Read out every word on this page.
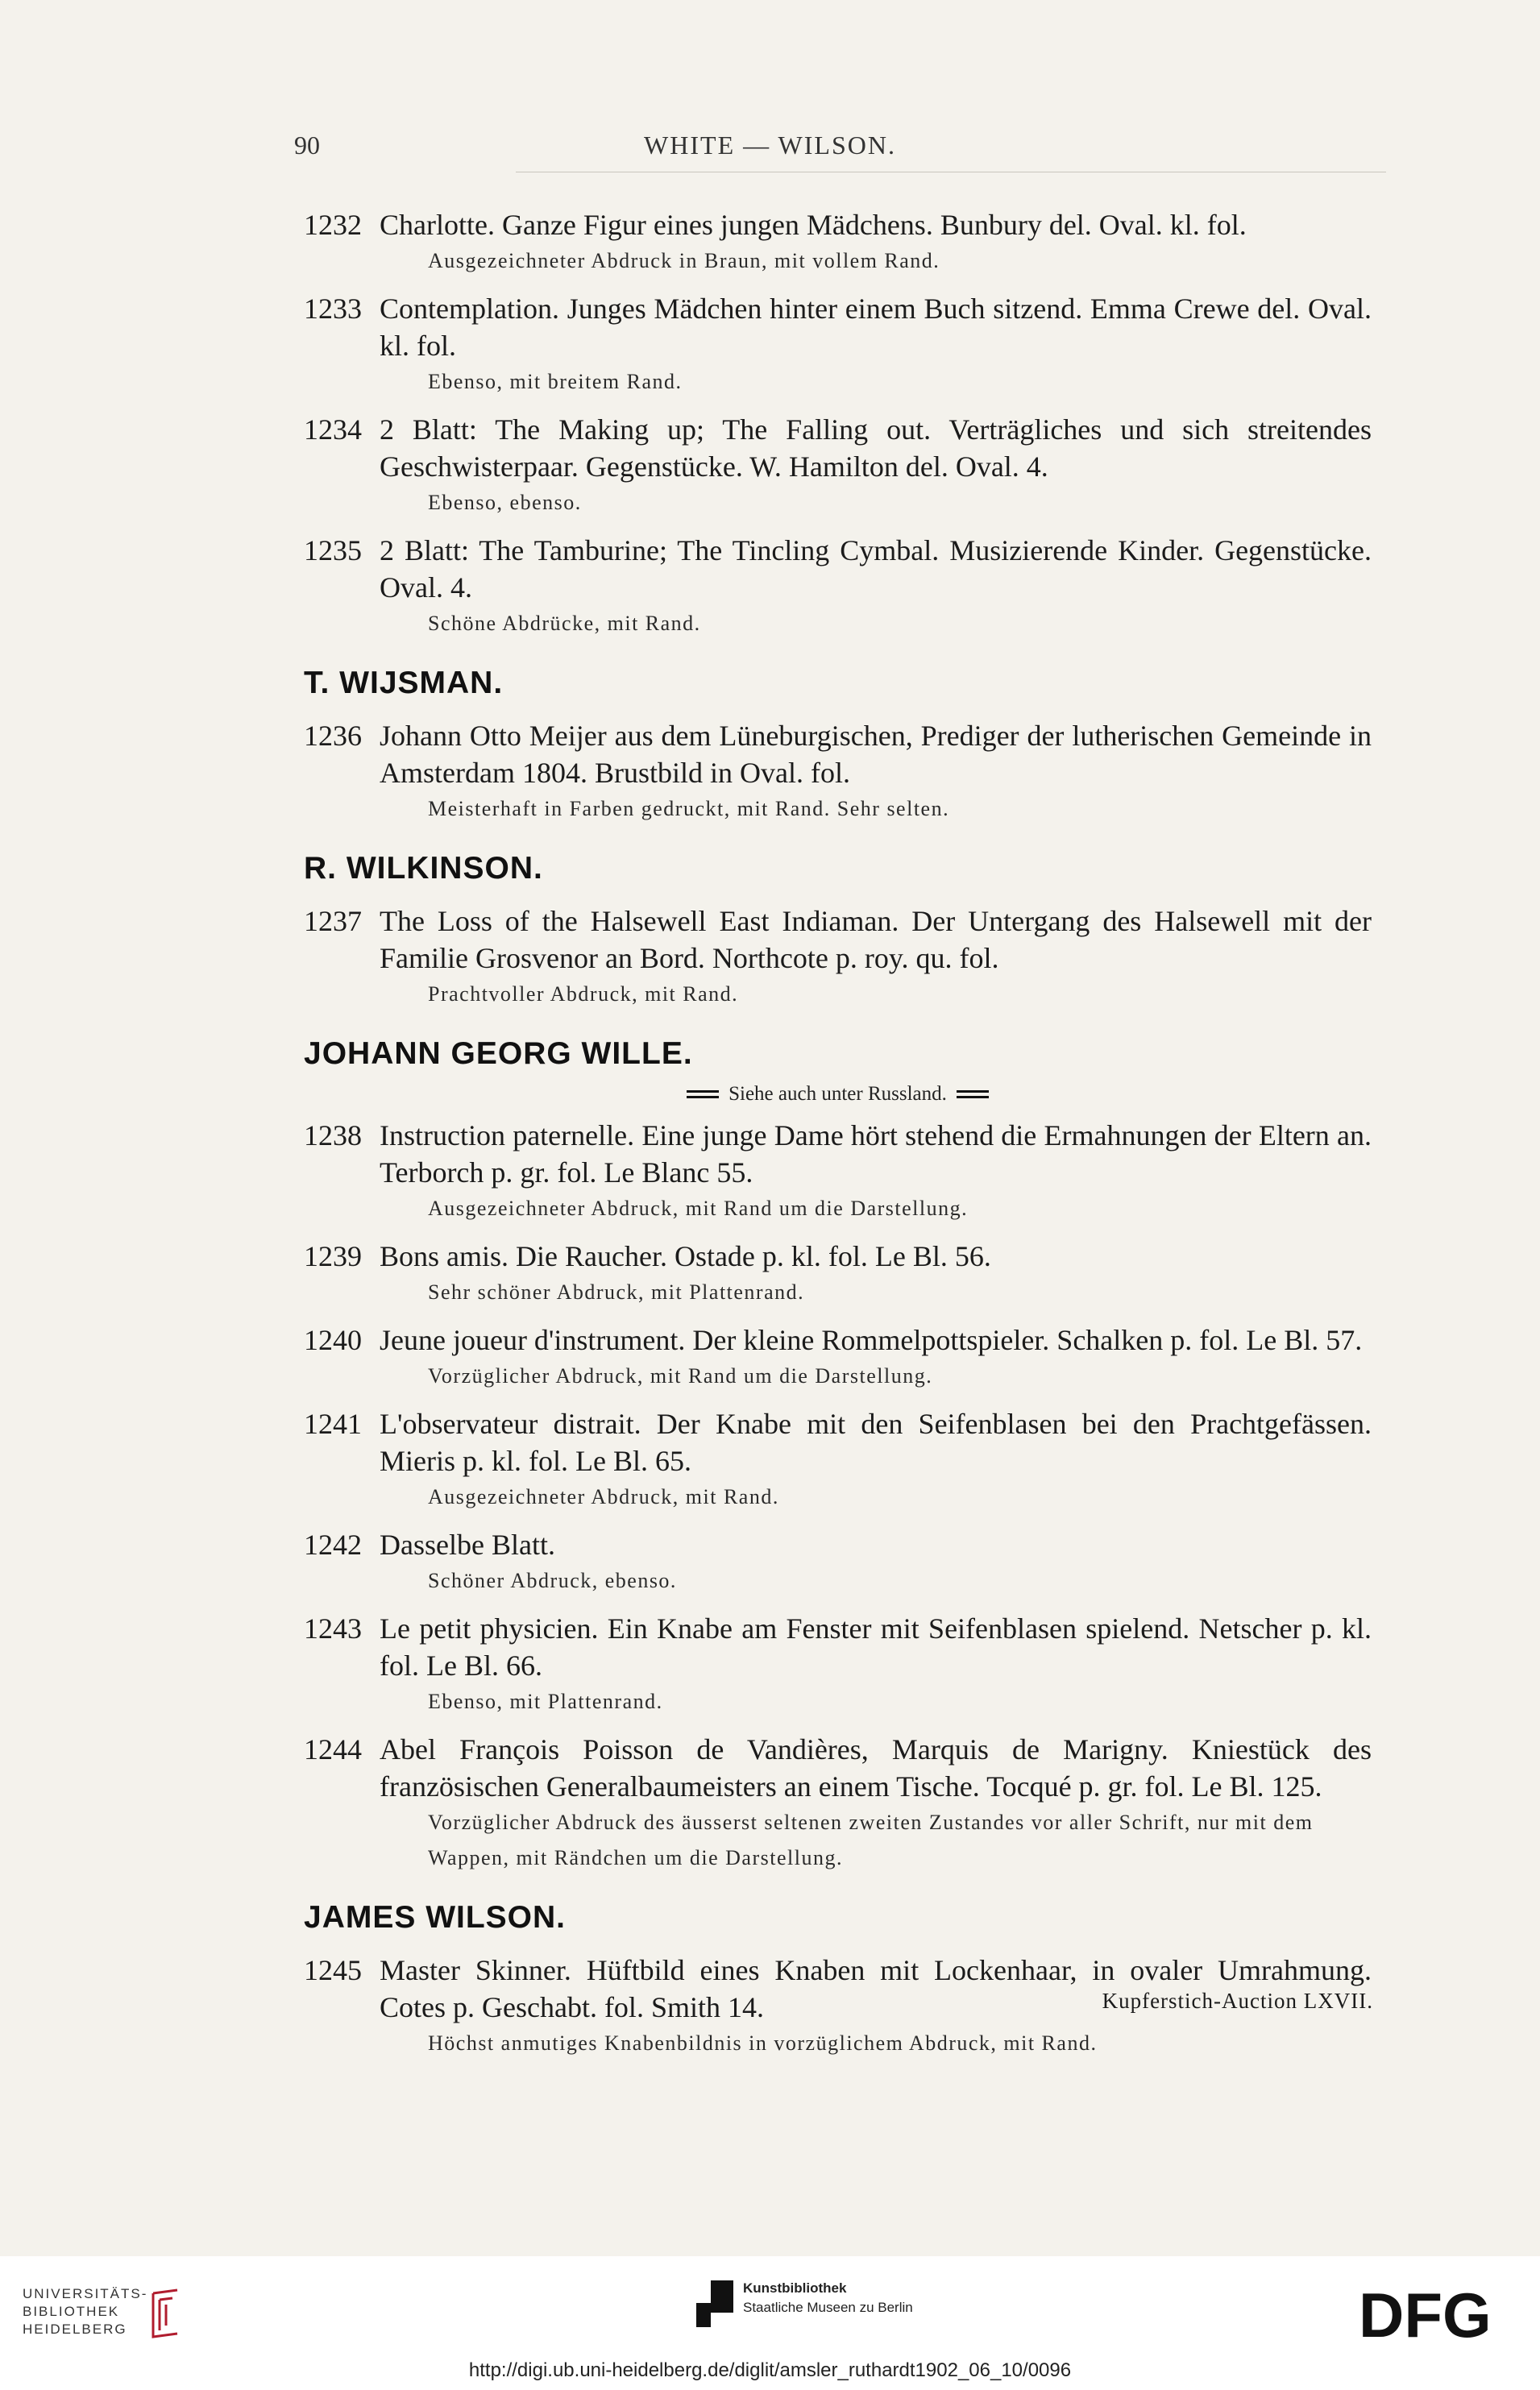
90	WHITE — WILSON.
1232 Charlotte. Ganze Figur eines jungen Mädchens. Bunbury del. Oval. kl. fol.
Ausgezeichneter Abdruck in Braun, mit vollem Rand.
1233 Contemplation. Junges Mädchen hinter einem Buch sitzend. Emma Crewe del. Oval. kl. fol.
Ebenso, mit breitem Rand.
1234 2 Blatt: The Making up; The Falling out. Verträgliches und sich streitendes Geschwisterpaar. Gegenstücke. W. Hamilton del. Oval. 4.
Ebenso, ebenso.
1235 2 Blatt: The Tamburine; The Tincling Cymbal. Musizierende Kinder. Gegenstücke. Oval. 4.
Schöne Abdrücke, mit Rand.
T. WIJSMAN.
1236 Johann Otto Meijer aus dem Lüneburgischen, Prediger der lutherischen Gemeinde in Amsterdam 1804. Brustbild in Oval. fol.
Meisterhaft in Farben gedruckt, mit Rand. Sehr selten.
R. WILKINSON.
1237 The Loss of the Halsewell East Indiaman. Der Untergang des Halsewell mit der Familie Grosvenor an Bord. Northcote p. roy. qu. fol.
Prachtvoller Abdruck, mit Rand.
JOHANN GEORG WILLE.
Siehe auch unter Russland.
1238 Instruction paternelle. Eine junge Dame hört stehend die Ermahnungen der Eltern an. Terborch p. gr. fol. Le Blanc 55.
Ausgezeichneter Abdruck, mit Rand um die Darstellung.
1239 Bons amis. Die Raucher. Ostade p. kl. fol. Le Bl. 56.
Sehr schöner Abdruck, mit Plattenrand.
1240 Jeune joueur d'instrument. Der kleine Rommelpottspieler. Schalken p. fol. Le Bl. 57.
Vorzüglicher Abdruck, mit Rand um die Darstellung.
1241 L'observateur distrait. Der Knabe mit den Seifenblasen bei den Prachtgefässen. Mieris p. kl. fol. Le Bl. 65.
Ausgezeichneter Abdruck, mit Rand.
1242 Dasselbe Blatt.
Schöner Abdruck, ebenso.
1243 Le petit physicien. Ein Knabe am Fenster mit Seifenblasen spielend. Netscher p. kl. fol. Le Bl. 66.
Ebenso, mit Plattenrand.
1244 Abel François Poisson de Vandières, Marquis de Marigny. Kniestück des französischen Generalbaumeisters an einem Tische. Tocqué p. gr. fol. Le Bl. 125.
Vorzüglicher Abdruck des äusserst seltenen zweiten Zustandes vor aller Schrift, nur mit dem Wappen, mit Rändchen um die Darstellung.
JAMES WILSON.
1245 Master Skinner. Hüftbild eines Knaben mit Lockenhaar, in ovaler Umrahmung. Cotes p. Geschabt. fol. Smith 14.
Höchst anmutiges Knabenbildnis in vorzüglichem Abdruck, mit Rand.
Kupferstich-Auction LXVII.
UNIVERSITÄTS-
BIBLIOTHEK
HEIDELBERG
Kunstbibliothek
Staatliche Museen zu Berlin	DFG
http://digi.ub.uni-heidelberg.de/diglit/amsler_ruthardt1902_06_10/0096
